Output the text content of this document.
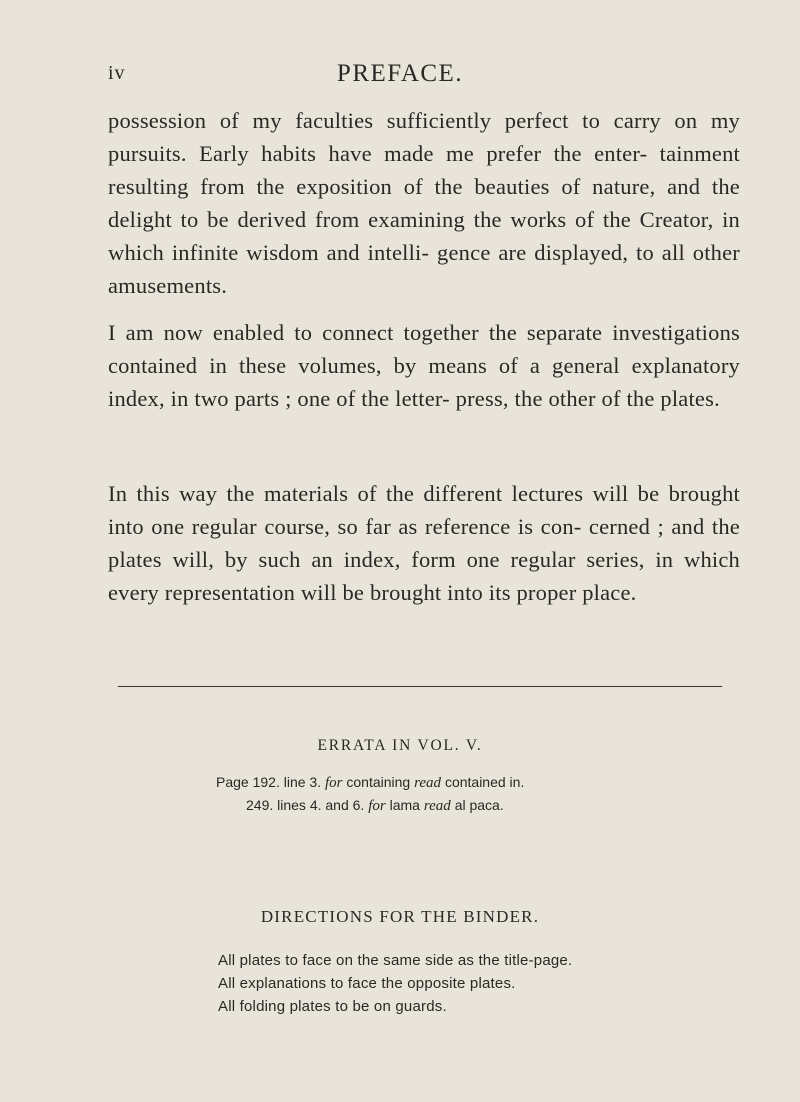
iv	PREFACE.

possession of my faculties sufficiently perfect to carry on my pursuits. Early habits have made me prefer the enter- tainment resulting from the exposition of the beauties of nature, and the delight to be derived from examining the works of the Creator, in which infinite wisdom and intelli- gence are displayed, to all other amusements.

I am now enabled to connect together the separate investigations contained in these volumes, by means of a general explanatory index, in two parts ; one of the letter- press, the other of the plates.

In this way the materials of the different lectures will be brought into one regular course, so far as reference is con- cerned ; and the plates will, by such an index, form one regular series, in which every representation will be brought into its proper place.

ERRATA IN VOL. V.
Page 192. line 3. for containing read contained in.
249. lines 4. and 6. for lama read al paca.
DIRECTIONS FOR THE BINDER.
All plates to face on the same side as the title-page.
All explanations to face the opposite plates.
All folding plates to be on guards.
